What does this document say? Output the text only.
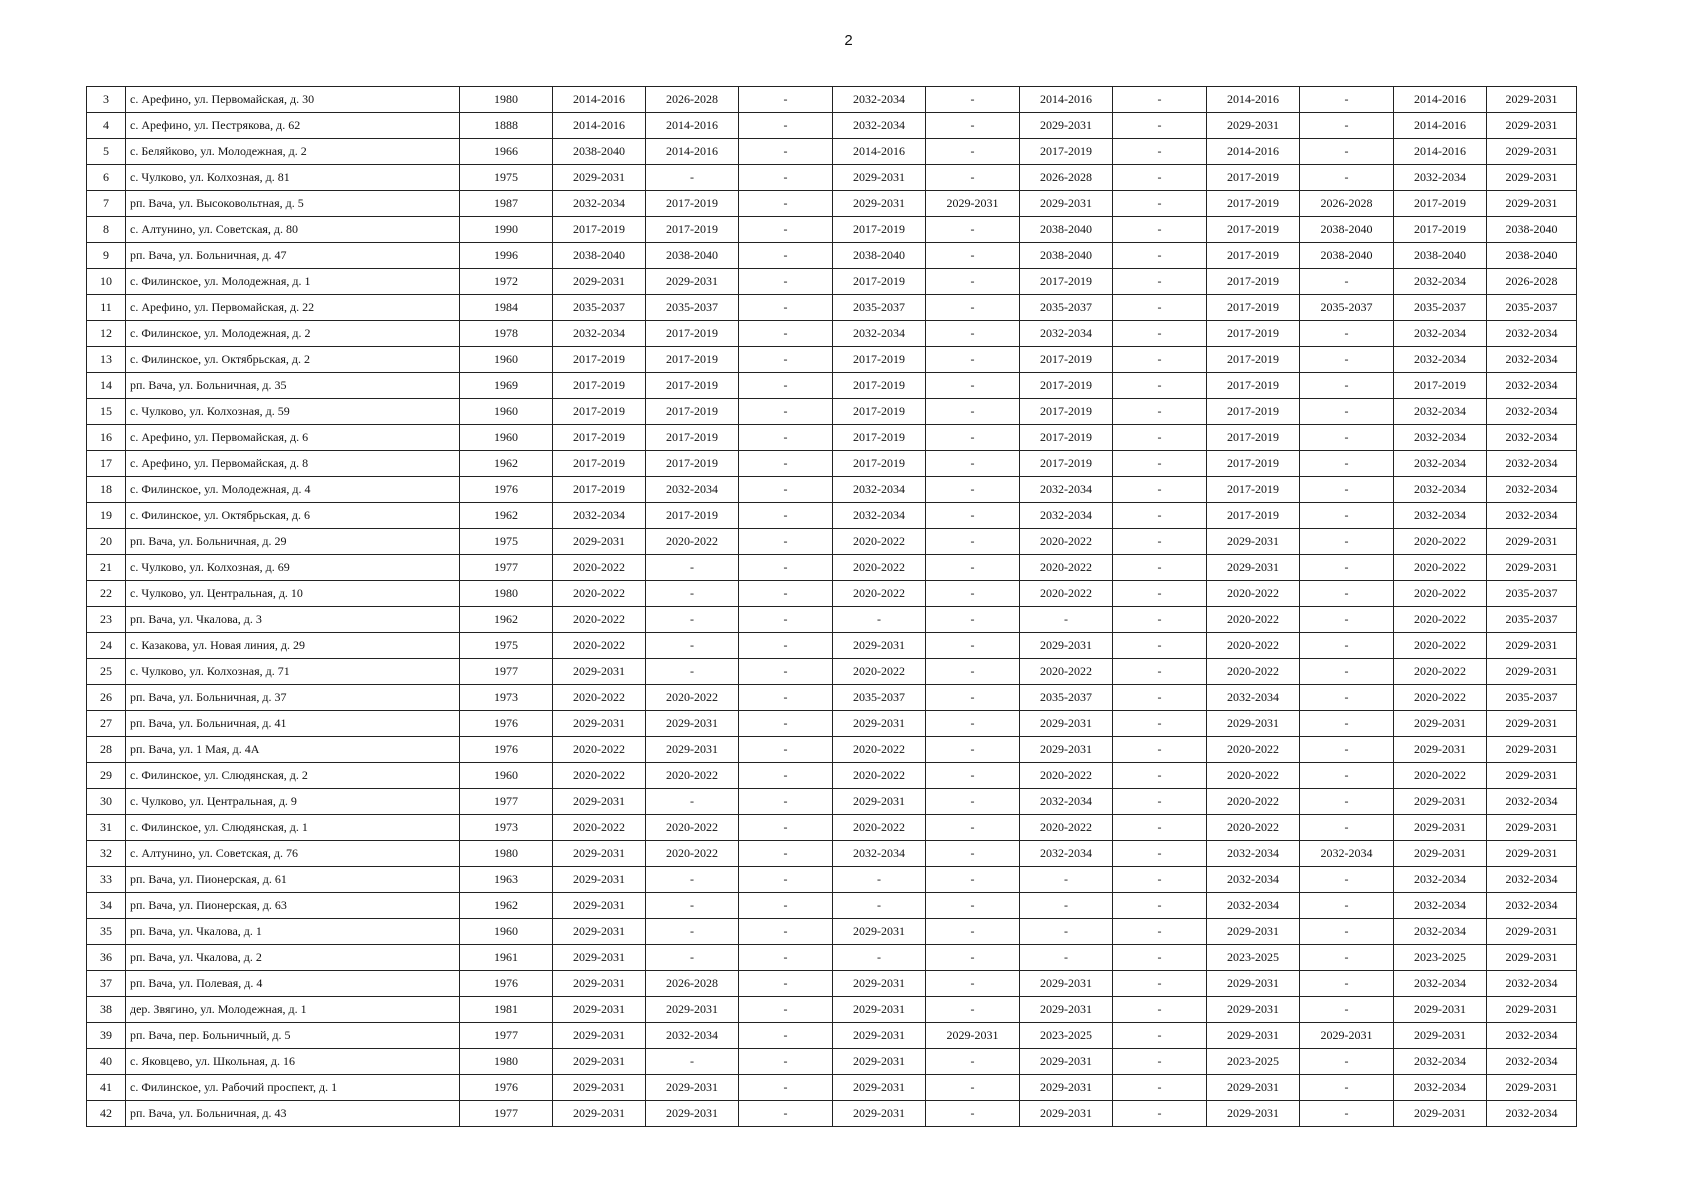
2
3	с. Арефино, ул. Первомайская, д. 30	1980	2014-2016	2026-2028	-	2032-2034	-	2014-2016	-	2014-2016	-	2014-2016	2029-2031
4	с. Арефино, ул. Пестрякова, д. 62	1888	2014-2016	2014-2016	-	2032-2034	-	2029-2031	-	2029-2031	-	2014-2016	2029-2031
5	с. Беляйково, ул. Молодежная, д. 2	1966	2038-2040	2014-2016	-	2014-2016	-	2017-2019	-	2014-2016	-	2014-2016	2029-2031
6	с. Чулково, ул. Колхозная, д. 81	1975	2029-2031	-	-	2029-2031	-	2026-2028	-	2017-2019	-	2032-2034	2029-2031
7	рп. Вача, ул. Высоковольтная, д. 5	1987	2032-2034	2017-2019	-	2029-2031	2029-2031	2029-2031	-	2017-2019	2026-2028	2017-2019	2029-2031
8	с. Алтунино, ул. Советская, д. 80	1990	2017-2019	2017-2019	-	2017-2019	-	2038-2040	-	2017-2019	2038-2040	2017-2019	2038-2040
9	рп. Вача, ул. Больничная, д. 47	1996	2038-2040	2038-2040	-	2038-2040	-	2038-2040	-	2017-2019	2038-2040	2038-2040	2038-2040
10	с. Филинское, ул. Молодежная, д. 1	1972	2029-2031	2029-2031	-	2017-2019	-	2017-2019	-	2017-2019	-	2032-2034	2026-2028
11	с. Арефино, ул. Первомайская, д. 22	1984	2035-2037	2035-2037	-	2035-2037	-	2035-2037	-	2017-2019	2035-2037	2035-2037	2035-2037
12	с. Филинское, ул. Молодежная, д. 2	1978	2032-2034	2017-2019	-	2032-2034	-	2032-2034	-	2017-2019	-	2032-2034	2032-2034
13	с. Филинское, ул. Октябрьская, д. 2	1960	2017-2019	2017-2019	-	2017-2019	-	2017-2019	-	2017-2019	-	2032-2034	2032-2034
14	рп. Вача, ул. Больничная, д. 35	1969	2017-2019	2017-2019	-	2017-2019	-	2017-2019	-	2017-2019	-	2017-2019	2032-2034
15	с. Чулково, ул. Колхозная, д. 59	1960	2017-2019	2017-2019	-	2017-2019	-	2017-2019	-	2017-2019	-	2032-2034	2032-2034
16	с. Арефино, ул. Первомайская, д. 6	1960	2017-2019	2017-2019	-	2017-2019	-	2017-2019	-	2017-2019	-	2032-2034	2032-2034
17	с. Арефино, ул. Первомайская, д. 8	1962	2017-2019	2017-2019	-	2017-2019	-	2017-2019	-	2017-2019	-	2032-2034	2032-2034
18	с. Филинское, ул. Молодежная, д. 4	1976	2017-2019	2032-2034	-	2032-2034	-	2032-2034	-	2017-2019	-	2032-2034	2032-2034
19	с. Филинское, ул. Октябрьская, д. 6	1962	2032-2034	2017-2019	-	2032-2034	-	2032-2034	-	2017-2019	-	2032-2034	2032-2034
20	рп. Вача, ул. Больничная, д. 29	1975	2029-2031	2020-2022	-	2020-2022	-	2020-2022	-	2029-2031	-	2020-2022	2029-2031
21	с. Чулково, ул. Колхозная, д. 69	1977	2020-2022	-	-	2020-2022	-	2020-2022	-	2029-2031	-	2020-2022	2029-2031
22	с. Чулково, ул. Центральная, д. 10	1980	2020-2022	-	-	2020-2022	-	2020-2022	-	2020-2022	-	2020-2022	2035-2037
23	рп. Вача, ул. Чкалова, д. 3	1962	2020-2022	-	-	-	-	-	-	2020-2022	-	2020-2022	2035-2037
24	с. Казакова, ул. Новая линия, д. 29	1975	2020-2022	-	-	2029-2031	-	2029-2031	-	2020-2022	-	2020-2022	2029-2031
25	с. Чулково, ул. Колхозная, д. 71	1977	2029-2031	-	-	2020-2022	-	2020-2022	-	2020-2022	-	2020-2022	2029-2031
26	рп. Вача, ул. Больничная, д. 37	1973	2020-2022	2020-2022	-	2035-2037	-	2035-2037	-	2032-2034	-	2020-2022	2035-2037
27	рп. Вача, ул. Больничная, д. 41	1976	2029-2031	2029-2031	-	2029-2031	-	2029-2031	-	2029-2031	-	2029-2031	2029-2031
28	рп. Вача, ул. 1 Мая, д. 4А	1976	2020-2022	2029-2031	-	2020-2022	-	2029-2031	-	2020-2022	-	2029-2031	2029-2031
29	с. Филинское, ул. Слюдянская, д. 2	1960	2020-2022	2020-2022	-	2020-2022	-	2020-2022	-	2020-2022	-	2020-2022	2029-2031
30	с. Чулково, ул. Центральная, д. 9	1977	2029-2031	-	-	2029-2031	-	2032-2034	-	2020-2022	-	2029-2031	2032-2034
31	с. Филинское, ул. Слюдянская, д. 1	1973	2020-2022	2020-2022	-	2020-2022	-	2020-2022	-	2020-2022	-	2029-2031	2029-2031
32	с. Алтунино, ул. Советская, д. 76	1980	2029-2031	2020-2022	-	2032-2034	-	2032-2034	-	2032-2034	2032-2034	2029-2031	2029-2031
33	рп. Вача, ул. Пионерская, д. 61	1963	2029-2031	-	-	-	-	-	-	2032-2034	-	2032-2034	2032-2034
34	рп. Вача, ул. Пионерская, д. 63	1962	2029-2031	-	-	-	-	-	-	2032-2034	-	2032-2034	2032-2034
35	рп. Вача, ул. Чкалова, д. 1	1960	2029-2031	-	-	2029-2031	-	-	-	2029-2031	-	2032-2034	2029-2031
36	рп. Вача, ул. Чкалова, д. 2	1961	2029-2031	-	-	-	-	-	-	2023-2025	-	2023-2025	2029-2031
37	рп. Вача, ул. Полевая, д. 4	1976	2029-2031	2026-2028	-	2029-2031	-	2029-2031	-	2029-2031	-	2032-2034	2032-2034
38	дер. Звягино, ул. Молодежная, д. 1	1981	2029-2031	2029-2031	-	2029-2031	-	2029-2031	-	2029-2031	-	2029-2031	2029-2031
39	рп. Вача, пер. Больничный, д. 5	1977	2029-2031	2032-2034	-	2029-2031	2029-2031	2023-2025	-	2029-2031	2029-2031	2029-2031	2032-2034
40	с. Яковцево, ул. Школьная, д. 16	1980	2029-2031	-	-	2029-2031	-	2029-2031	-	2023-2025	-	2032-2034	2032-2034
41	с. Филинское, ул. Рабочий проспект, д. 1	1976	2029-2031	2029-2031	-	2029-2031	-	2029-2031	-	2029-2031	-	2032-2034	2029-2031
42	рп. Вача, ул. Больничная, д. 43	1977	2029-2031	2029-2031	-	2029-2031	-	2029-2031	-	2029-2031	-	2029-2031	2032-2034
